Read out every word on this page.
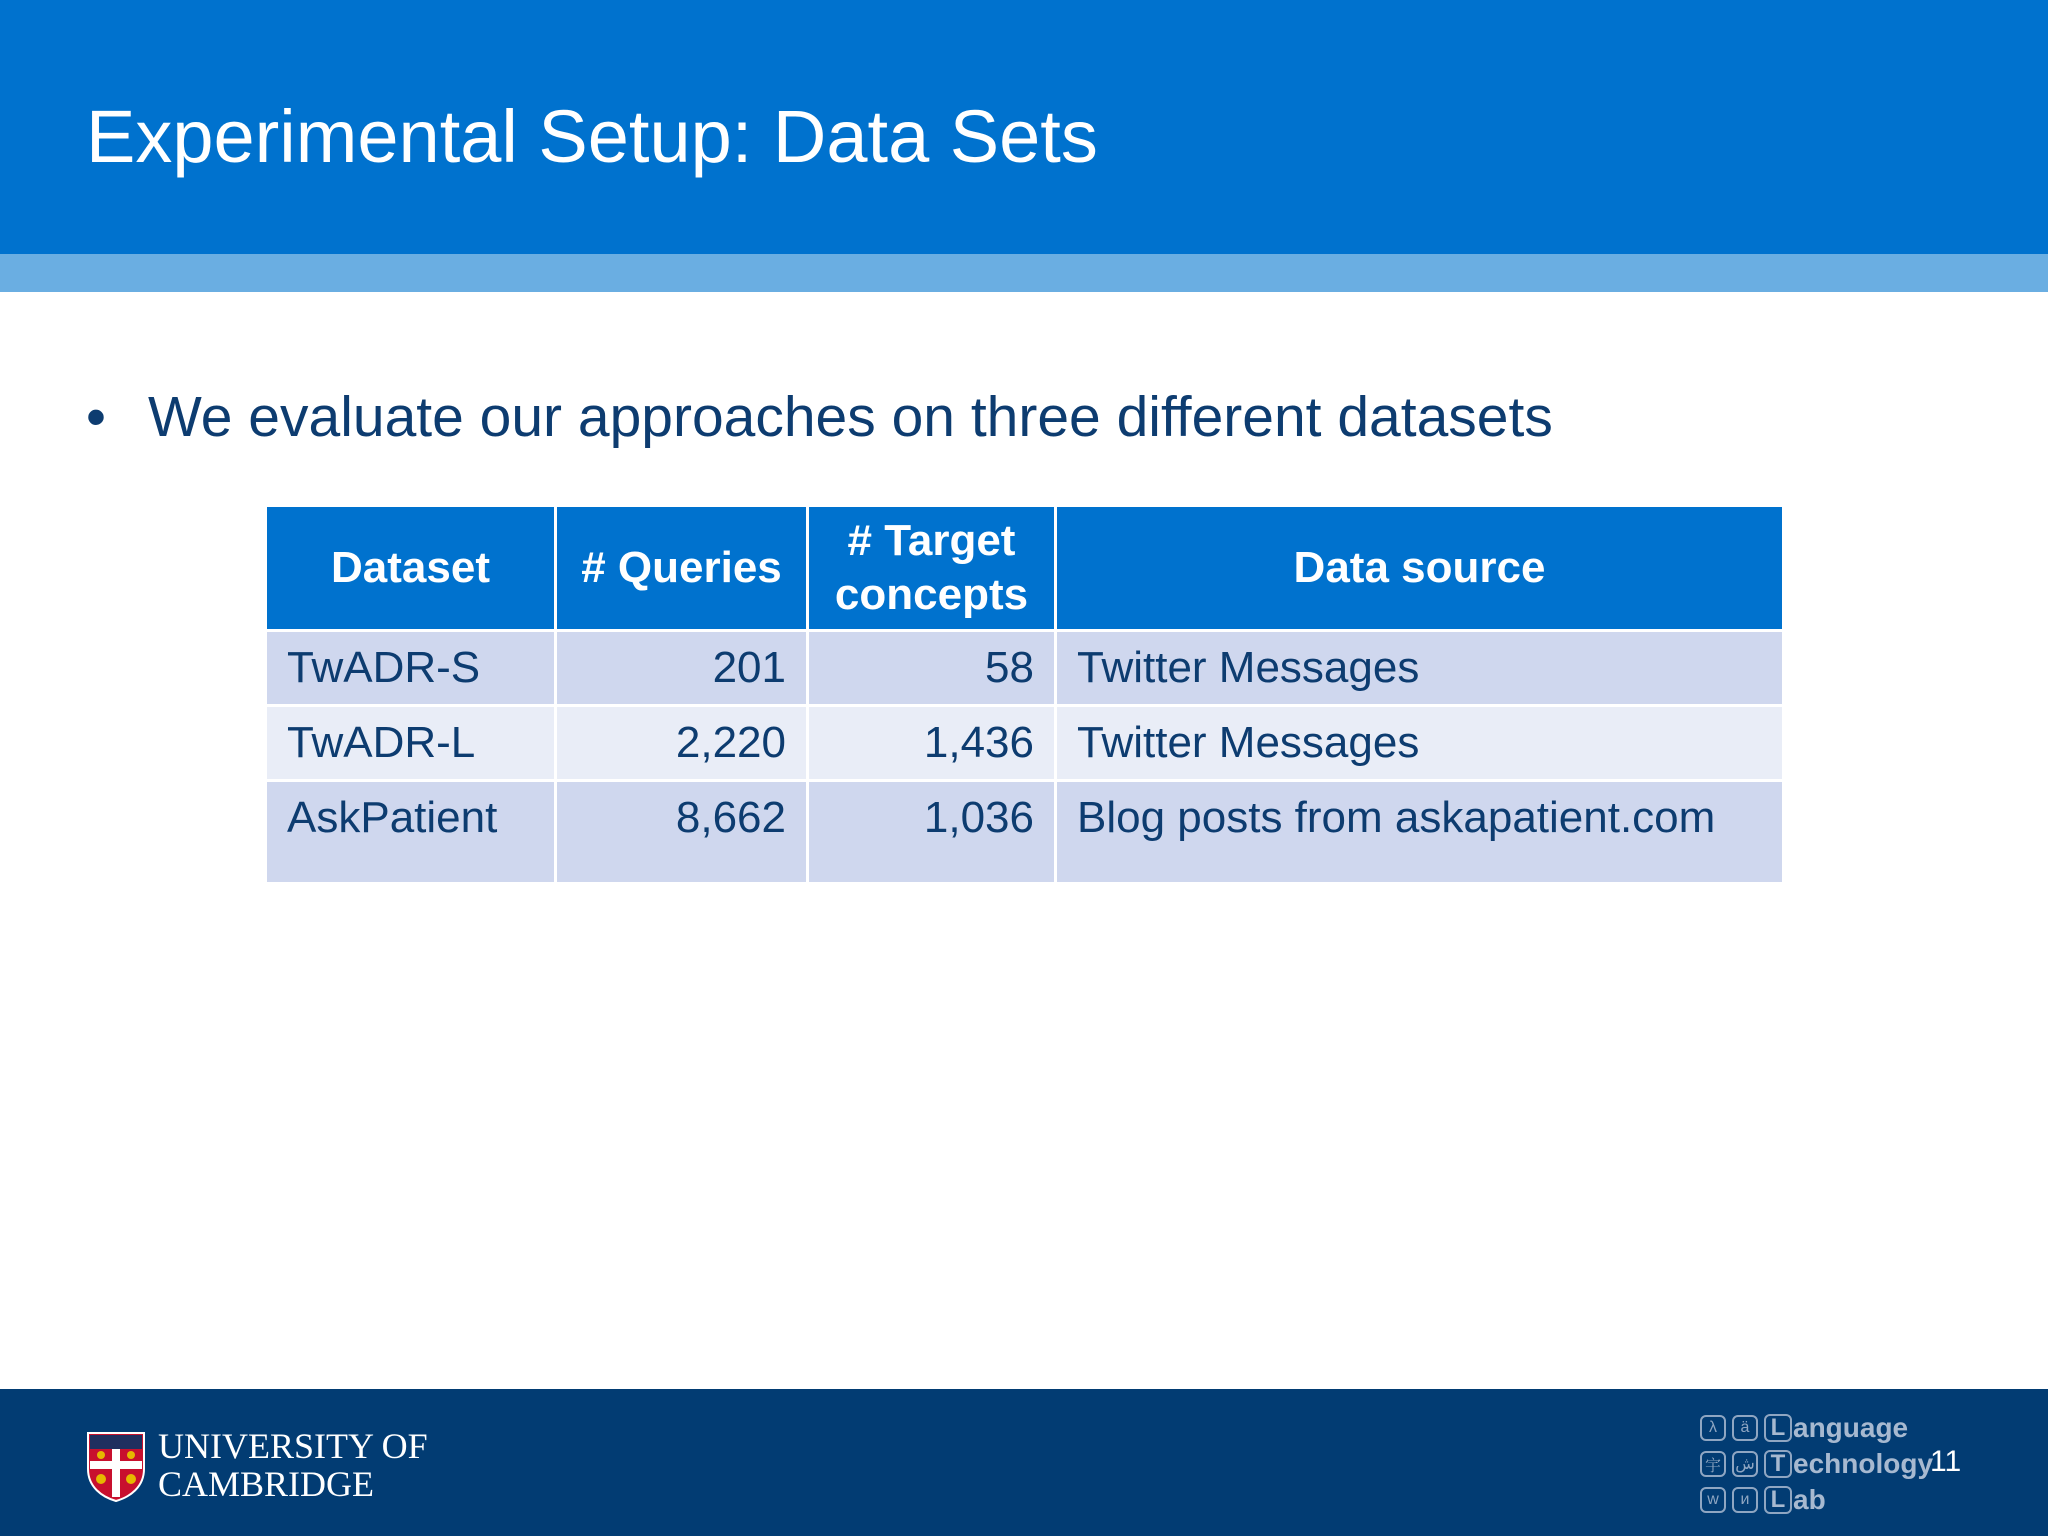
Experimental Setup: Data Sets
• We evaluate our approaches on three different datasets
Dataset	# Queries	# Target concepts	Data source
TwADR-S	201	58	Twitter Messages
TwADR-L	2,220	1,436	Twitter Messages
AskPatient	8,662	1,036	Blog posts from askapatient.com
UNIVERSITY OF
CAMBRIDGE
λ	ä L anguage
宇 ش T echnology
w	и L ab
11
